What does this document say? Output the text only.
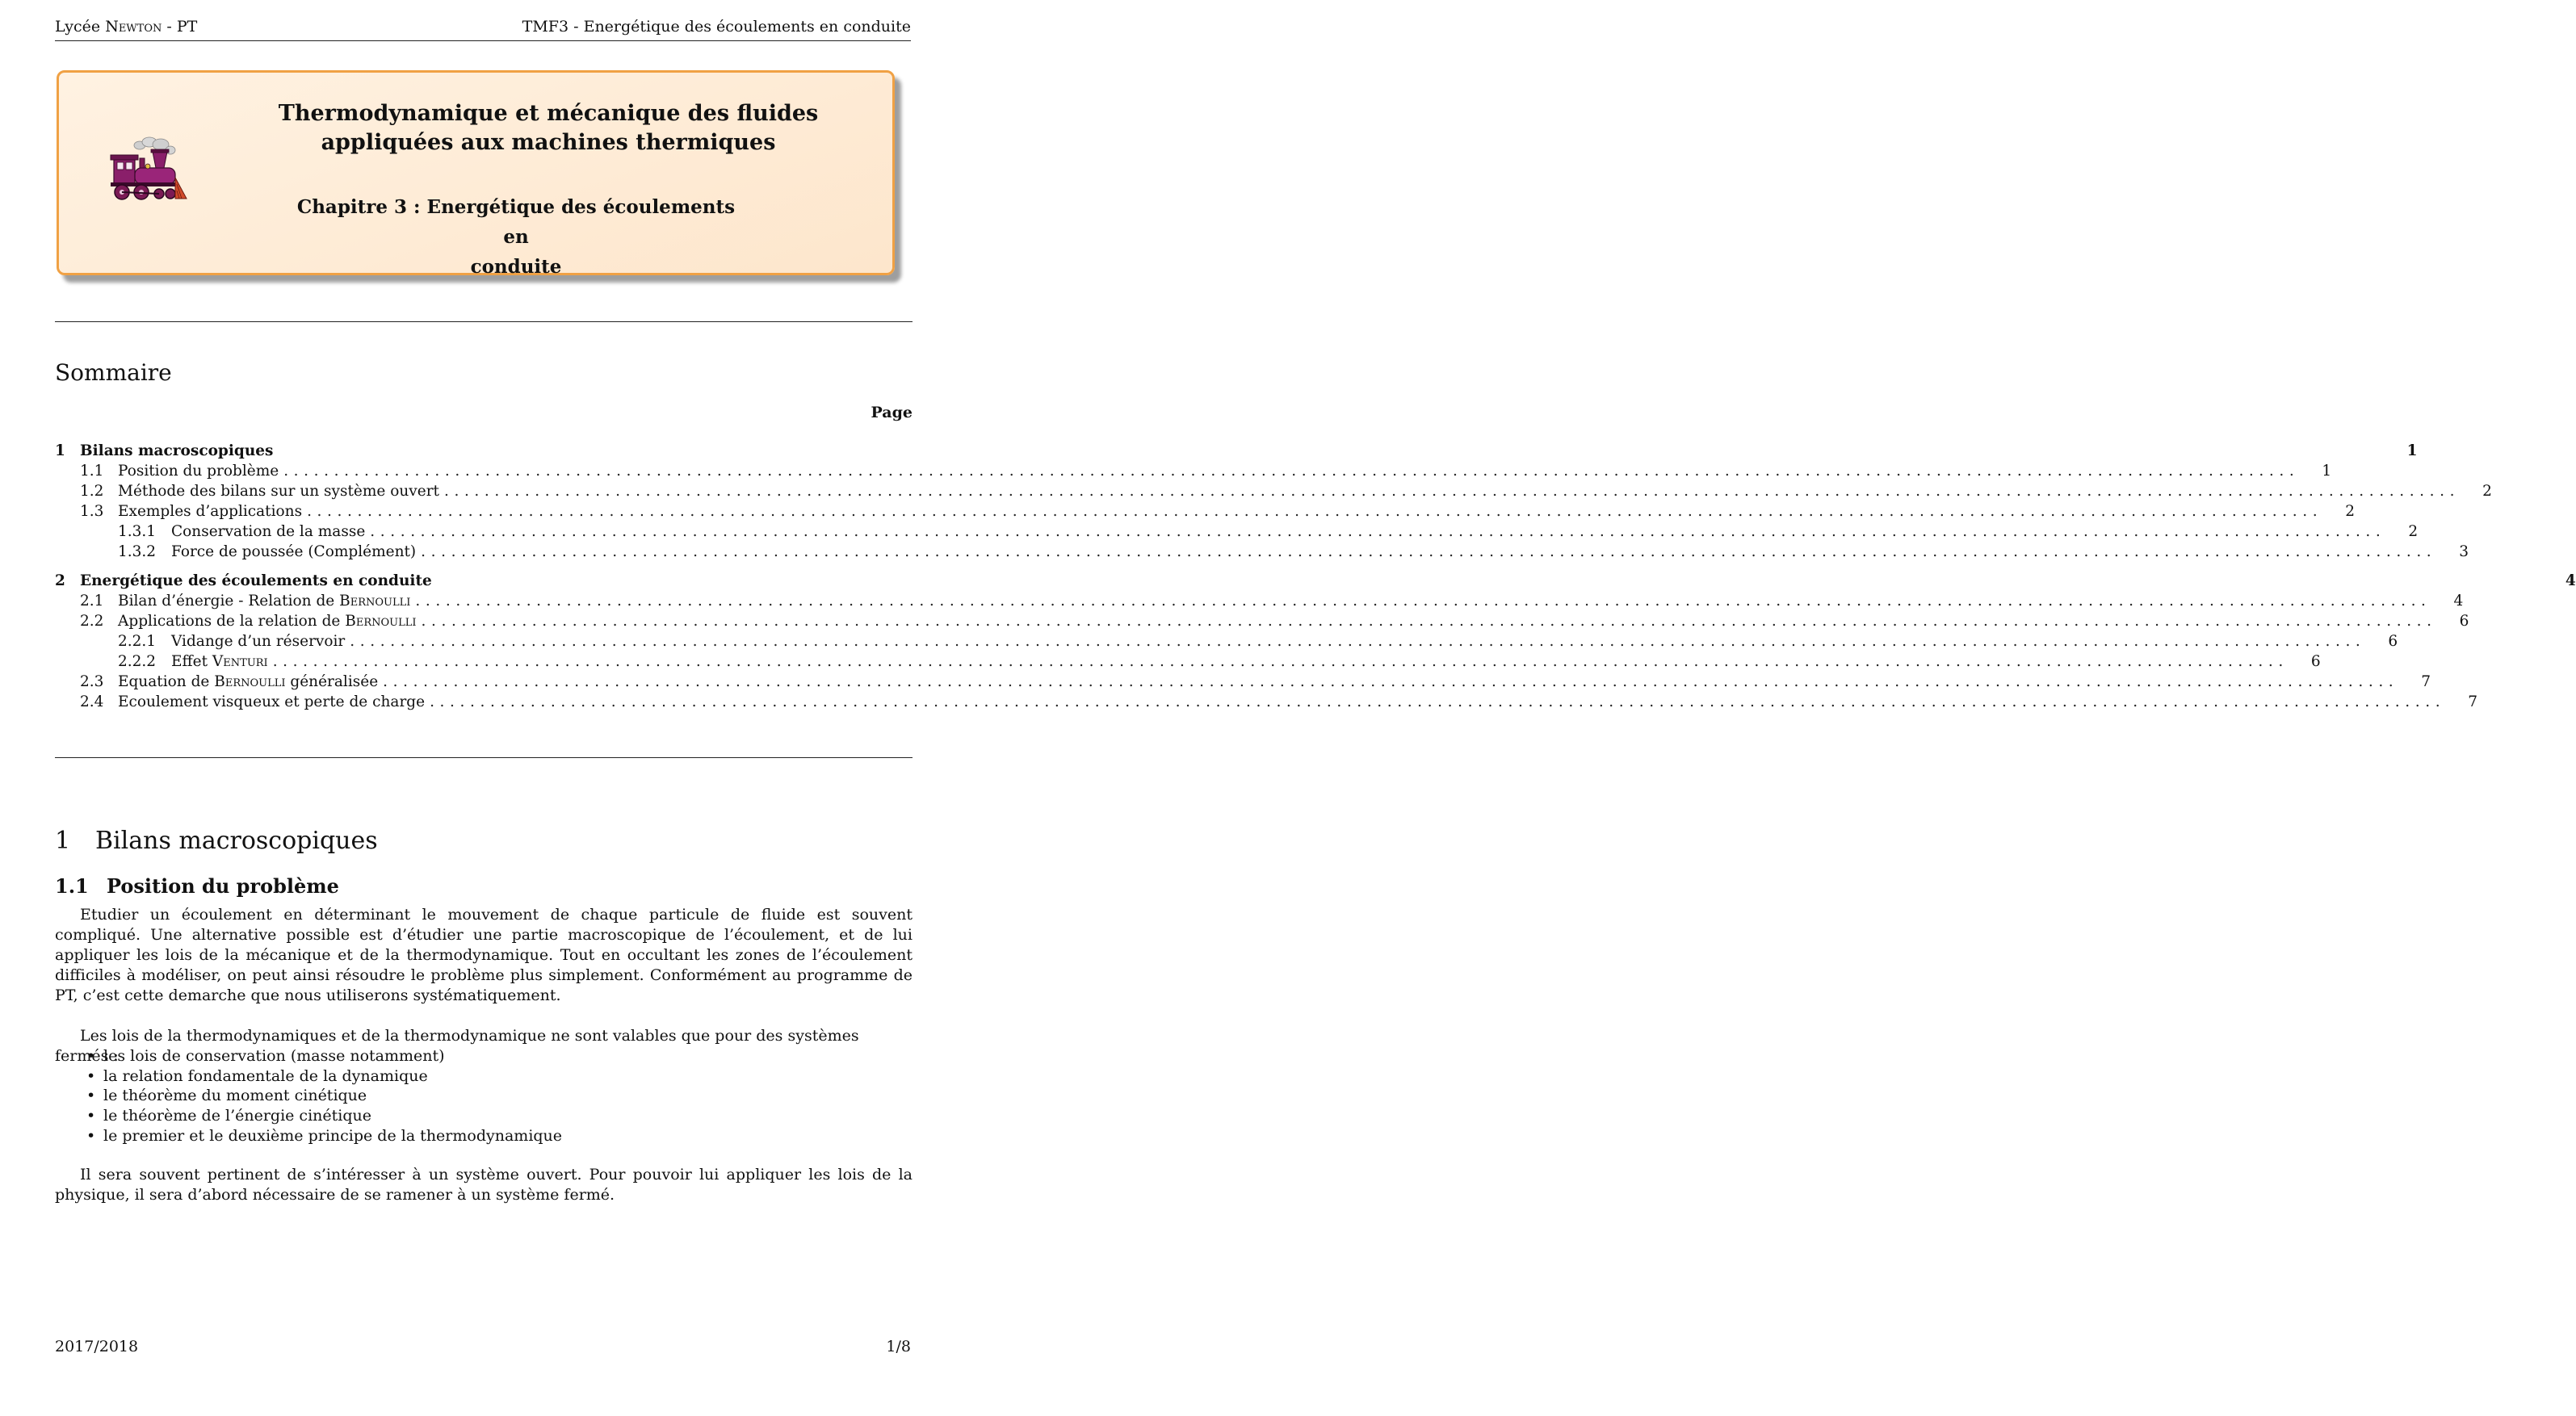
Lycée Newton - PT	TMF3 - Energétique des écoulements en conduite
Thermodynamique et mécanique des fluides
appliquées aux machines thermiques
Chapitre 3 : Energétique des écoulements en
conduite
Sommaire
Page
1 Bilans macroscopiques	1
1.1 Position du problème ........................................................................................................................................................................................................ 1
1.2 Méthode des bilans sur un système ouvert ........................................................................................................................................................................................................ 2
1.3 Exemples d’applications ........................................................................................................................................................................................................ 2
1.3.1	Conservation de la masse ........................................................................................................................................................................................................ 2
1.3.2	Force de poussée (Complément) ........................................................................................................................................................................................................ 3
2 Energétique des écoulements en conduite	4
2.1 Bilan d’énergie - Relation de Bernoulli ........................................................................................................................................................................................................ 4
2.2 Applications de la relation de Bernoulli ........................................................................................................................................................................................................ 6
2.2.1	Vidange d’un réservoir ........................................................................................................................................................................................................ 6
2.2.2	Effet Venturi ........................................................................................................................................................................................................ 6
2.3 Equation de Bernoulli généralisée ........................................................................................................................................................................................................ 7
2.4 Ecoulement visqueux et perte de charge ........................................................................................................................................................................................................ 7
1 Bilans macroscopiques
1.1 Position du problème

Etudier un écoulement en déterminant le mouvement de chaque particule de fluide est souvent compliqué. Une alternative possible est d’étudier une partie macroscopique de l’écoulement, et de lui appliquer les lois de la mécanique et de la thermodynamique. Tout en occultant les zones de l’écoulement difficiles à modéliser, on peut ainsi résoudre le problème plus simplement. Conformément au programme de PT, c’est cette demarche que nous utiliserons systématiquement.

Les lois de la thermodynamiques et de la thermodynamique ne sont valables que pour des systèmes fermés :

• les lois de conservation (masse notamment)
• la relation fondamentale de la dynamique
• le théorème du moment cinétique
• le théorème de l’énergie cinétique
• le premier et le deuxième principe de la thermodynamique

Il sera souvent pertinent de s’intéresser à un système ouvert. Pour pouvoir lui appliquer les lois de la physique, il sera d’abord nécessaire de se ramener à un système fermé.

2017/2018	1/8
